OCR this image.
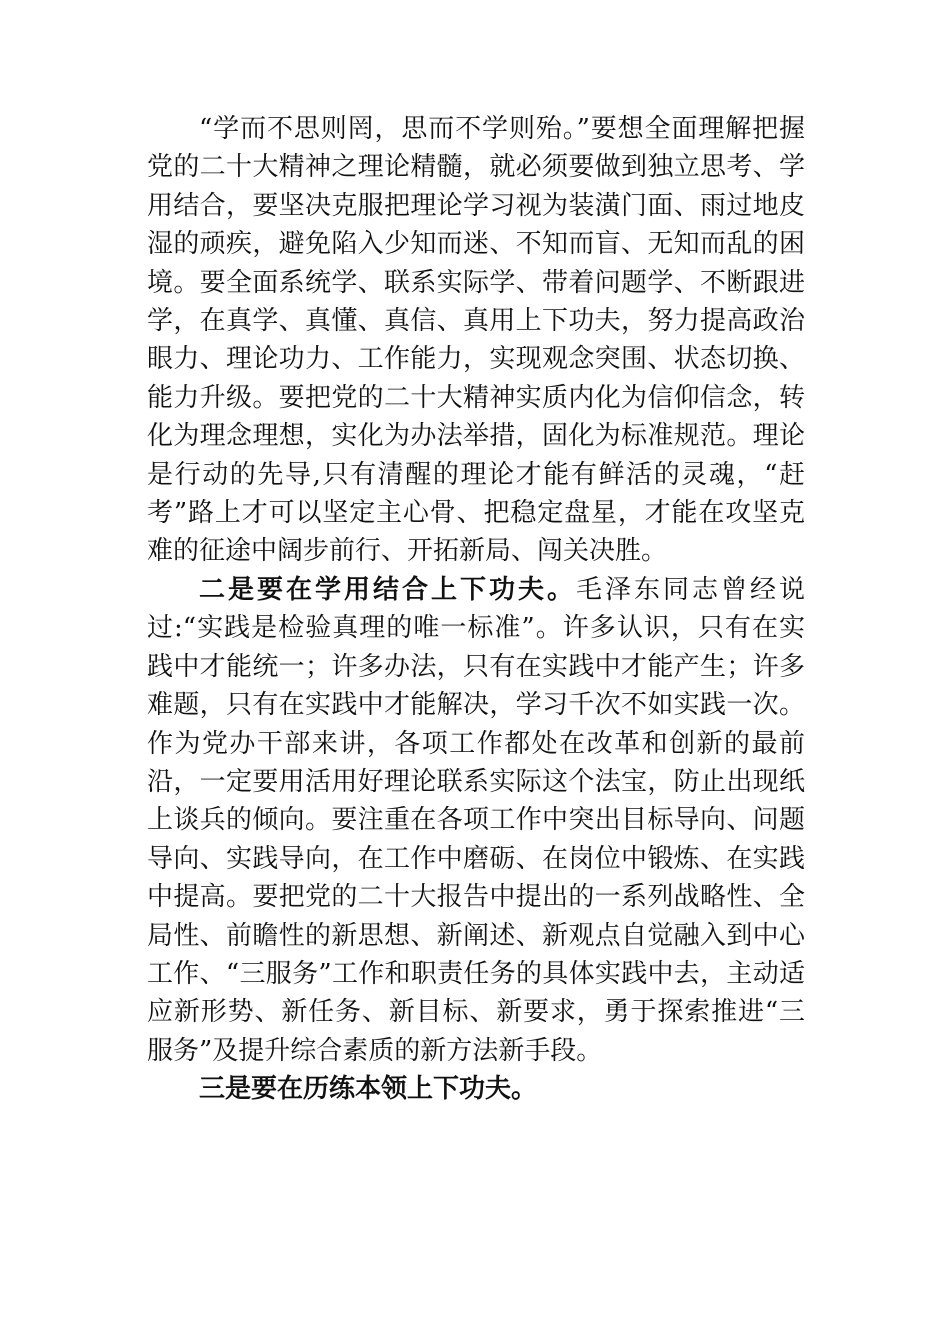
“学而不思则罔，思而不学则殆。”要想全面理解把握党的二十大精神之理论精髓，就必须要做到独立思考、学用结合，要坚决克服把理论学习视为装潢门面、雨过地皮湿的顽疾，避免陷入少知而迷、不知而盲、无知而乱的困境。要全面系统学、联系实际学、带着问题学、不断跟进学，在真学、真懂、真信、真用上下功夫，努力提高政治眼力、理论功力、工作能力，实现观念突围、状态切换、能力升级。要把党的二十大精神实质内化为信仰信念，转化为理念理想，实化为办法举措，固化为标准规范。理论是行动的先导,只有清醒的理论才能有鲜活的灵魂，“赶考”路上才可以坚定主心骨、把稳定盘星，才能在攻坚克难的征途中阔步前行、开拓新局、闯关决胜。

二是要在学用结合上下功夫。毛泽东同志曾经说过:“实践是检验真理的唯一标准”。许多认识，只有在实践中才能统一；许多办法，只有在实践中才能产生；许多难题，只有在实践中才能解决，学习千次不如实践一次。作为党办干部来讲，各项工作都处在改革和创新的最前沿，一定要用活用好理论联系实际这个法宝，防止出现纸上谈兵的倾向。要注重在各项工作中突出目标导向、问题导向、实践导向，在工作中磨砺、在岗位中锻炼、在实践中提高。要把党的二十大报告中提出的一系列战略性、全局性、前瞻性的新思想、新阐述、新观点自觉融入到中心工作、“三服务”工作和职责任务的具体实践中去，主动适应新形势、新任务、新目标、新要求，勇于探索推进“三服务”及提升综合素质的新方法新手段。

三是要在历练本领上下功夫。
